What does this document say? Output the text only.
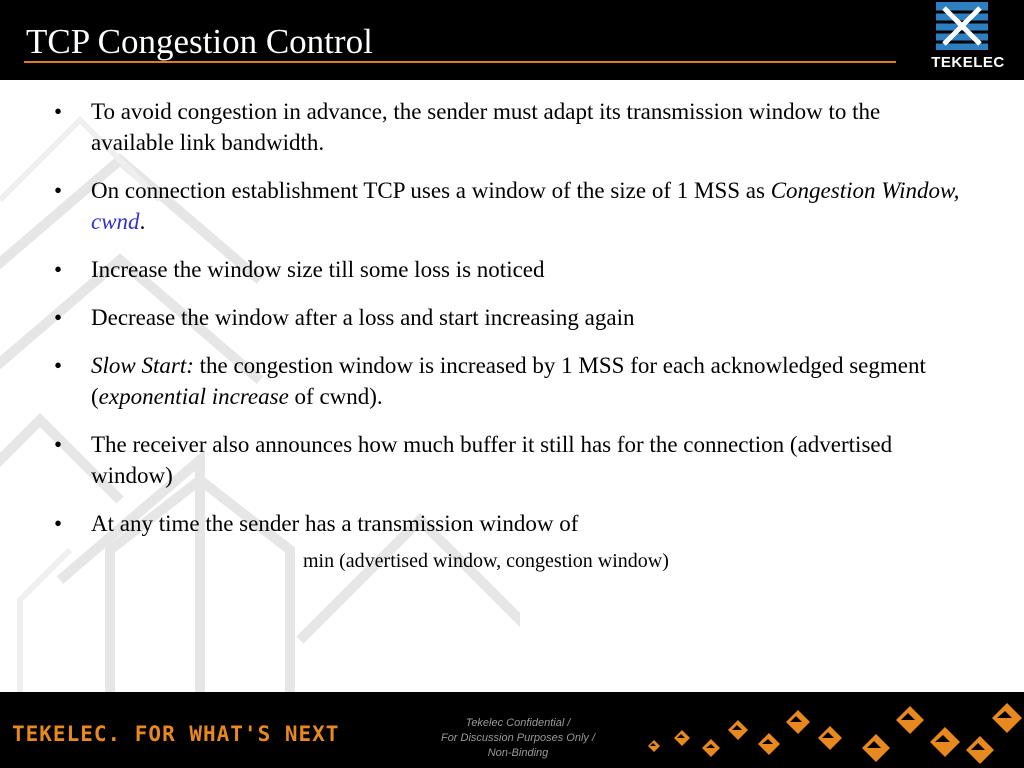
TCP Congestion Control
TEKELEC
• To avoid congestion in advance, the sender must adapt its transmission window to the available link bandwidth.
• On connection establishment TCP uses a window of the size of 1 MSS as Congestion Window, cwnd.
• Increase the window size till some loss is noticed
• Decrease the window after a loss and start increasing again
• Slow Start: the congestion window is increased by 1 MSS for each acknowledged segment (exponential increase of cwnd).
• The receiver also announces how much buffer it still has for the connection (advertised window)
• At any time the sender has a transmission window of
min (advertised window, congestion window)
TEKELEC. FOR WHAT'S NEXT	Tekelec Confidential /
For Discussion Purposes Only /
Non-Binding
